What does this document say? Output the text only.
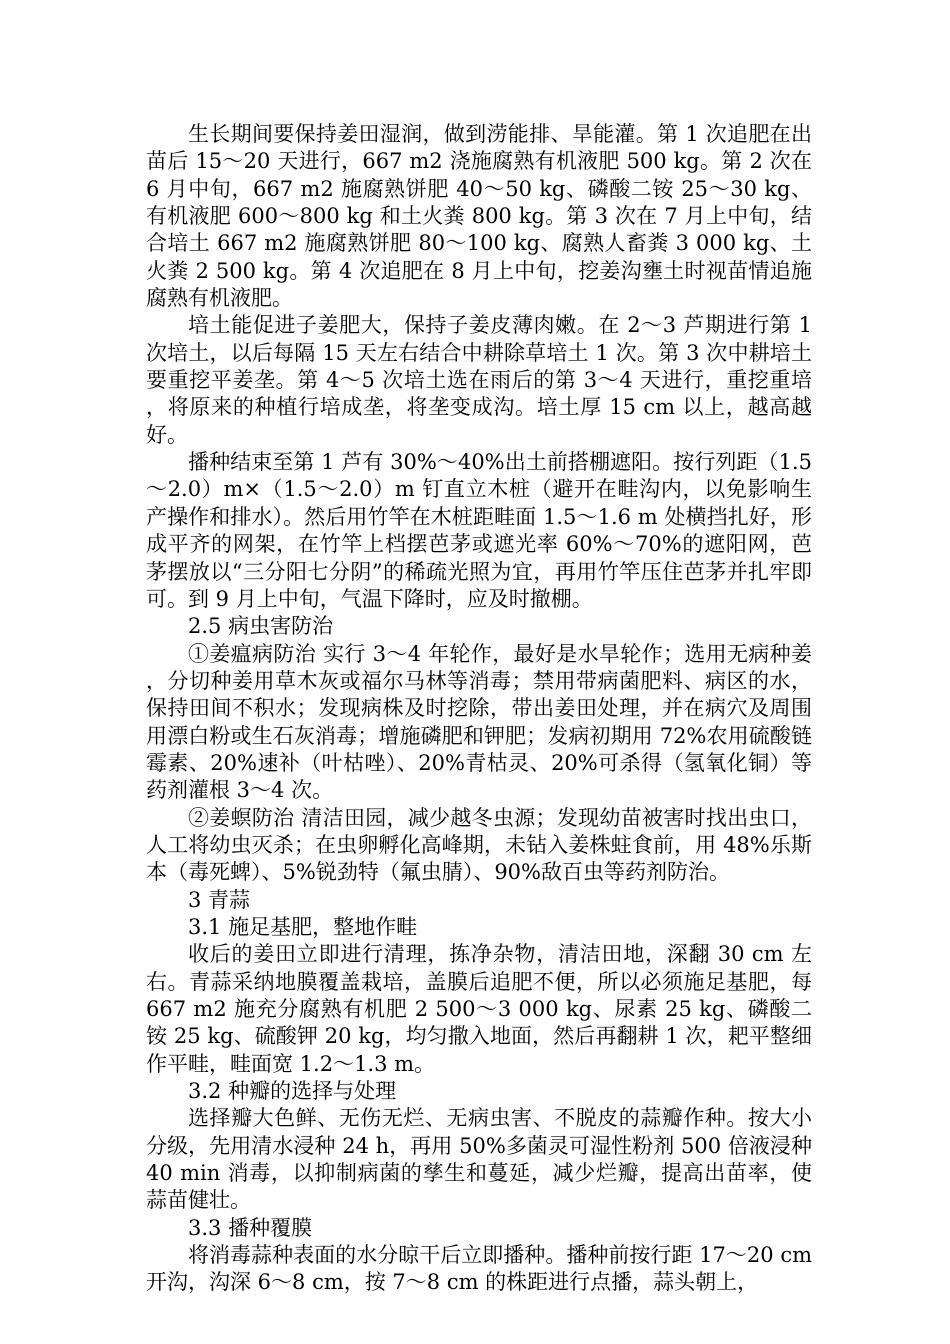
生长期间要保持姜田湿润，做到涝能排、旱能灌。第 1 次追肥在出苗后 15～20 天进行，667 m2 浇施腐熟有机液肥 500 kg。第 2 次在 6 月中旬，667 m2 施腐熟饼肥 40～50 kg、磷酸二铵 25～30 kg、有机液肥 600～800 kg 和土火粪 800 kg。第 3 次在 7 月上中旬，结合培土 667 m2 施腐熟饼肥 80～100 kg、腐熟人畜粪 3 000 kg、土火粪 2 500 kg。第 4 次追肥在 8 月上中旬，挖姜沟壅土时视苗情追施腐熟有机液肥。

培土能促进子姜肥大，保持子姜皮薄肉嫩。在 2～3 芦期进行第 1 次培土，以后每隔 15 天左右结合中耕除草培土 1 次。第 3 次中耕培土要重挖平姜垄。第 4～5 次培土选在雨后的第 3～4 天进行，重挖重培，将原来的种植行培成垄，将垄变成沟。培土厚 15 cm 以上，越高越好。

播种结束至第 1 芦有 30%～40%出土前搭棚遮阳。按行列距（1.5～2.0）m×（1.5～2.0）m 钉直立木桩（避开在畦沟内，以免影响生产操作和排水）。然后用竹竿在木桩距畦面 1.5～1.6 m 处横挡扎好，形成平齐的网架，在竹竿上档摆芭茅或遮光率 60%～70%的遮阳网，芭茅摆放以“三分阳七分阴”的稀疏光照为宜，再用竹竿压住芭茅并扎牢即可。到 9 月上中旬，气温下降时，应及时撤棚。

2.5 病虫害防治

①姜瘟病防治 实行 3～4 年轮作，最好是水旱轮作；选用无病种姜，分切种姜用草木灰或福尔马林等消毒；禁用带病菌肥料、病区的水，保持田间不积水；发现病株及时挖除，带出姜田处理，并在病穴及周围用漂白粉或生石灰消毒；增施磷肥和钾肥；发病初期用 72%农用硫酸链霉素、20%速补（叶枯唑）、20%青枯灵、20%可杀得（氢氧化铜）等药剂灌根 3～4 次。

②姜螟防治 清洁田园，减少越冬虫源；发现幼苗被害时找出虫口，人工将幼虫灭杀；在虫卵孵化高峰期，未钻入姜株蛀食前，用 48%乐斯本（毒死蜱）、5%锐劲特（氟虫腈）、90%敌百虫等药剂防治。

3 青蒜

3.1 施足基肥，整地作畦

收后的姜田立即进行清理，拣净杂物，清洁田地，深翻 30 cm 左右。青蒜采纳地膜覆盖栽培，盖膜后追肥不便，所以必须施足基肥，每 667 m2 施充分腐熟有机肥 2 500～3 000 kg、尿素 25 kg、磷酸二铵 25 kg、硫酸钾 20 kg，均匀撒入地面，然后再翻耕 1 次，耙平整细作平畦，畦面宽 1.2～1.3 m。

3.2 种瓣的选择与处理

选择瓣大色鲜、无伤无烂、无病虫害、不脱皮的蒜瓣作种。按大小分级，先用清水浸种 24 h，再用 50%多菌灵可湿性粉剂 500 倍液浸种 40 min 消毒，以抑制病菌的孳生和蔓延，减少烂瓣，提高出苗率，使蒜苗健壮。

3.3 播种覆膜

将消毒蒜种表面的水分晾干后立即播种。播种前按行距 17～20 cm 开沟，沟深 6～8 cm，按 7～8 cm 的株距进行点播，蒜头朝上，
